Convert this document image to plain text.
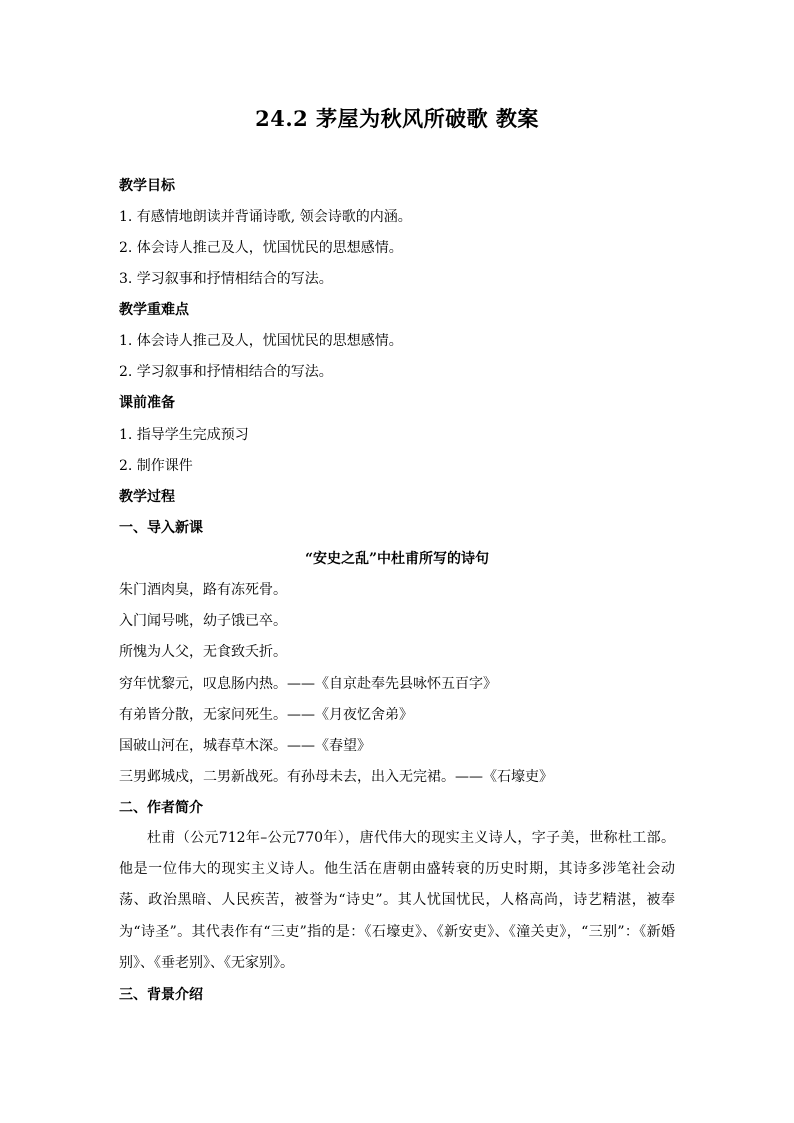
24.2 茅屋为秋风所破歌 教案
教学目标
1. 有感情地朗读并背诵诗歌, 领会诗歌的内涵。
2. 体会诗人推己及人，忧国忧民的思想感情。
3. 学习叙事和抒情相结合的写法。
教学重难点
1. 体会诗人推己及人，忧国忧民的思想感情。
2. 学习叙事和抒情相结合的写法。
课前准备
1. 指导学生完成预习
2. 制作课件
教学过程
一、导入新课
“安史之乱”中杜甫所写的诗句
朱门酒肉臭，路有冻死骨。
入门闻号咷，幼子饿已卒。
所愧为人父，无食致夭折。
穷年忧黎元，叹息肠内热。——《自京赴奉先县咏怀五百字》
有弟皆分散，无家问死生。——《月夜忆舍弟》
国破山河在，城春草木深。——《春望》
三男邺城戍，二男新战死。有孙母未去，出入无完裙。——《石壕吏》
二、作者简介

杜甫（公元712年–公元770年），唐代伟大的现实主义诗人，字子美，世称杜工部。他是一位伟大的现实主义诗人。他生活在唐朝由盛转衰的历史时期，其诗多涉笔社会动荡、政治黑暗、人民疾苦，被誉为“诗史”。其人忧国忧民，人格高尚，诗艺精湛，被奉为“诗圣”。其代表作有“三吏”指的是：《石壕吏》、《新安吏》、《潼关吏》，“三别”：《新婚别》、《垂老别》、《无家别》。

三、背景介绍
